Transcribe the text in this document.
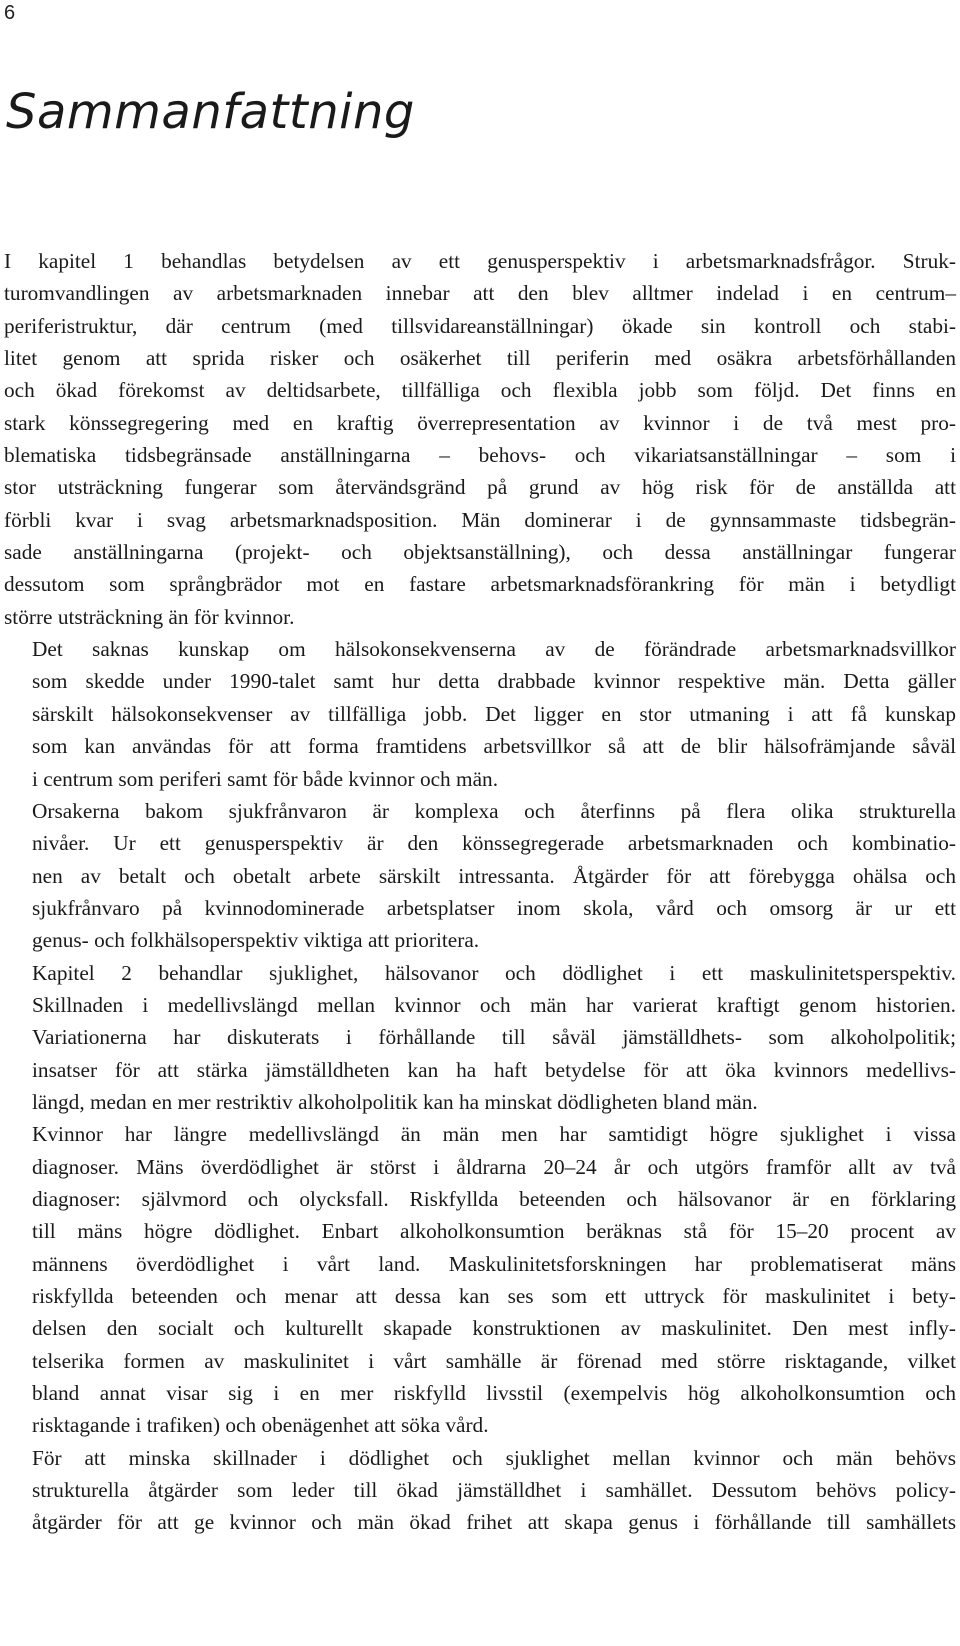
6
Sammanfattning

I kapitel 1 behandlas betydelsen av ett genusperspektiv i arbetsmarknadsfrågor. Struk-
turomvandlingen av arbetsmarknaden innebar att den blev alltmer indelad i en centrum–
periferistruktur, där centrum (med tillsvidareanställningar) ökade sin kontroll och stabi-
litet genom att sprida risker och osäkerhet till periferin med osäkra arbetsförhållanden
och ökad förekomst av deltidsarbete, tillfälliga och flexibla jobb som följd. Det finns en
stark könssegregering med en kraftig överrepresentation av kvinnor i de två mest pro-
blematiska tidsbegränsade anställningarna – behovs- och vikariatsanställningar – som i
stor utsträckning fungerar som återvändsgränd på grund av hög risk för de anställda att
förbli kvar i svag arbetsmarknadsposition. Män dominerar i de gynnsammaste tidsbegrän-
sade anställningarna (projekt- och objektsanställning), och dessa anställningar fungerar
dessutom som språngbrädor mot en fastare arbetsmarknadsförankring för män i betydligt
större utsträckning än för kvinnor.

Det saknas kunskap om hälsokonsekvenserna av de förändrade arbetsmarknadsvillkor
som skedde under 1990-talet samt hur detta drabbade kvinnor respektive män. Detta gäller
särskilt hälsokonsekvenser av tillfälliga jobb. Det ligger en stor utmaning i att få kunskap
som kan användas för att forma framtidens arbetsvillkor så att de blir hälsofrämjande såväl
i centrum som periferi samt för både kvinnor och män.

Orsakerna bakom sjukfrånvaron är komplexa och återfinns på flera olika strukturella
nivåer. Ur ett genusperspektiv är den könssegregerade arbetsmarknaden och kombinatio-
nen av betalt och obetalt arbete särskilt intressanta. Åtgärder för att förebygga ohälsa och
sjukfrånvaro på kvinnodominerade arbetsplatser inom skola, vård och omsorg är ur ett
genus- och folkhälsoperspektiv viktiga att prioritera.

Kapitel 2 behandlar sjuklighet, hälsovanor och dödlighet i ett maskulinitetsperspektiv.
Skillnaden i medellivslängd mellan kvinnor och män har varierat kraftigt genom historien.
Variationerna har diskuterats i förhållande till såväl jämställdhets- som alkoholpolitik;
insatser för att stärka jämställdheten kan ha haft betydelse för att öka kvinnors medellivs-
längd, medan en mer restriktiv alkoholpolitik kan ha minskat dödligheten bland män.

Kvinnor har längre medellivslängd än män men har samtidigt högre sjuklighet i vissa
diagnoser. Mäns överdödlighet är störst i åldrarna 20–24 år och utgörs framför allt av två
diagnoser: självmord och olycksfall. Riskfyllda beteenden och hälsovanor är en förklaring
till mäns högre dödlighet. Enbart alkoholkonsumtion beräknas stå för 15–20 procent av
männens överdödlighet i vårt land. Maskulinitetsforskningen har problematiserat mäns
riskfyllda beteenden och menar att dessa kan ses som ett uttryck för maskulinitet i bety-
delsen den socialt och kulturellt skapade konstruktionen av maskulinitet. Den mest infly-
telserika formen av maskulinitet i vårt samhälle är förenad med större risktagande, vilket
bland annat visar sig i en mer riskfylld livsstil (exempelvis hög alkoholkonsumtion och
risktagande i trafiken) och obenägenhet att söka vård.

För att minska skillnader i dödlighet och sjuklighet mellan kvinnor och män behövs
strukturella åtgärder som leder till ökad jämställdhet i samhället. Dessutom behövs policy-
åtgärder för att ge kvinnor och män ökad frihet att skapa genus i förhållande till samhällets
